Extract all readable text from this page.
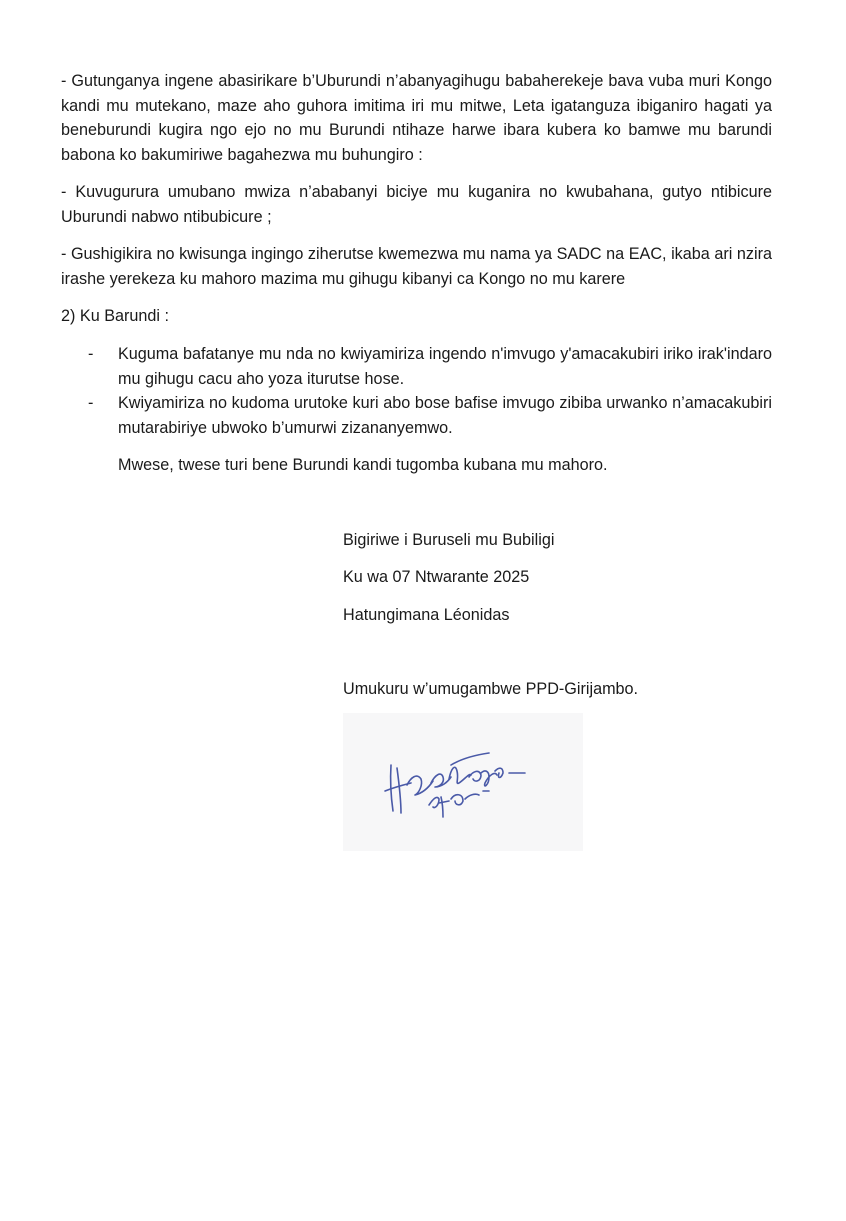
- Gutunganya ingene abasirikare b’Uburundi n’abanyagihugu babaherekeje bava vuba muri Kongo kandi mu mutekano, maze aho guhora imitima iri mu mitwe, Leta igatanguza ibiganiro hagati ya beneburundi kugira ngo ejo no mu Burundi ntihaze harwe ibara kubera ko bamwe mu barundi babona ko bakumiriwe bagahezwa mu buhungiro :

- Kuvugurura umubano mwiza n’ababanyi biciye mu kuganira no kwubahana, gutyo ntibicure Uburundi nabwo ntibubicure ;

- Gushigikira no kwisunga ingingo ziherutse kwemezwa mu nama ya SADC na EAC, ikaba ari nzira irashe yerekeza ku mahoro mazima mu gihugu kibanyi ca Kongo no mu karere

2) Ku Barundi :

- Kuguma bafatanye mu nda no kwiyamiriza ingendo n'imvugo y'amacakubiri iriko irak'indaro mu gihugu cacu aho yoza iturutse hose.
- Kwiyamiriza no kudoma urutoke kuri abo bose bafise imvugo zibiba urwanko n’amacakubiri mutarabiriye ubwoko b’umurwi zizananyemwo.

Mwese, twese turi bene Burundi kandi tugomba kubana mu mahoro.

Bigiriwe i Buruseli mu Bubiligi

Ku wa 07 Ntwarante 2025

Hatungimana Léonidas

Umukuru w’umugambwe PPD-Girijambo.
